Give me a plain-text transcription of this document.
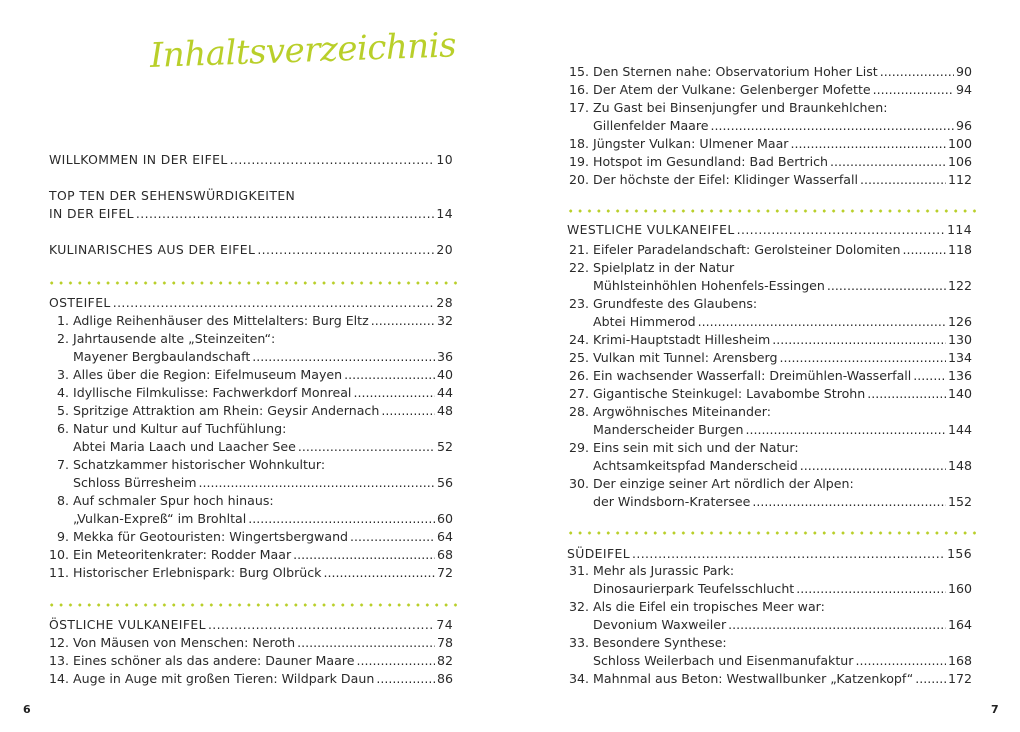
Inhaltsverzeichnis
WILLKOMMEN IN DER EIFEL .....	10
TOP TEN DER SEHENSWÜRDIGKEITEN
IN DER EIFEL .....	14
KULINARISCHES AUS DER EIFEL .....	20
OSTEIFEL .....	28
1. Adlige Reihenhäuser des Mittelalters: Burg Eltz .....	32
2. Jahrtausende alte „Steinzeiten“:
Mayener Bergbaulandschaft .....	36
3. Alles über die Region: Eifelmuseum Mayen .....	40
4. Idyllische Filmkulisse: Fachwerkdorf Monreal .....	44
5. Spritzige Attraktion am Rhein: Geysir Andernach .....	48
6. Natur und Kultur auf Tuchfühlung:
Abtei Maria Laach und Laacher See .....	52
7. Schatzkammer historischer Wohnkultur:
Schloss Bürresheim .....	56
8. Auf schmaler Spur hoch hinaus:
„Vulkan-Expreß“ im Brohltal .....	60
9. Mekka für Geotouristen: Wingertsbergwand .....	64
10. Ein Meteoritenkrater: Rodder Maar .....	68
11. Historischer Erlebnispark: Burg Olbrück .....	72
ÖSTLICHE VULKANEIFEL .....	74
12. Von Mäusen von Menschen: Neroth .....	78
13. Eines schöner als das andere: Dauner Maare .....	82
14. Auge in Auge mit großen Tieren: Wildpark Daun .....	86
6
15. Den Sternen nahe: Observatorium Hoher List .....	90
16. Der Atem der Vulkane: Gelenberger Mofette .....	94
17. Zu Gast bei Binsenjungfer und Braunkehlchen:
Gillenfelder Maare .....	96
18. Jüngster Vulkan: Ulmener Maar .....	100
19. Hotspot im Gesundland: Bad Bertrich .....	106
20. Der höchste der Eifel: Klidinger Wasserfall .....	112
WESTLICHE VULKANEIFEL .....	114
21. Eifeler Paradelandschaft: Gerolsteiner Dolomiten .....	118
22. Spielplatz in der Natur
Mühlsteinhöhlen Hohenfels-Essingen .....	122
23. Grundfeste des Glaubens:
Abtei Himmerod .....	126
24. Krimi-Hauptstadt Hillesheim .....	130
25. Vulkan mit Tunnel: Arensberg .....	134
26. Ein wachsender Wasserfall: Dreimühlen-Wasserfall .....	136
27. Gigantische Steinkugel: Lavabombe Strohn .....	140
28. Argwöhnisches Miteinander:
Manderscheider Burgen .....	144
29. Eins sein mit sich und der Natur:
Achtsamkeitspfad Manderscheid .....	148
30. Der einzige seiner Art nördlich der Alpen:
der Windsborn-Kratersee .....	152
SÜDEIFEL .....	156
31. Mehr als Jurassic Park:
Dinosaurierpark Teufelsschlucht .....	160
32. Als die Eifel ein tropisches Meer war:
Devonium Waxweiler .....	164
33. Besondere Synthese:
Schloss Weilerbach und Eisenmanufaktur .....	168
34. Mahnmal aus Beton: Westwallbunker „Katzenkopf“ .....	172
7
